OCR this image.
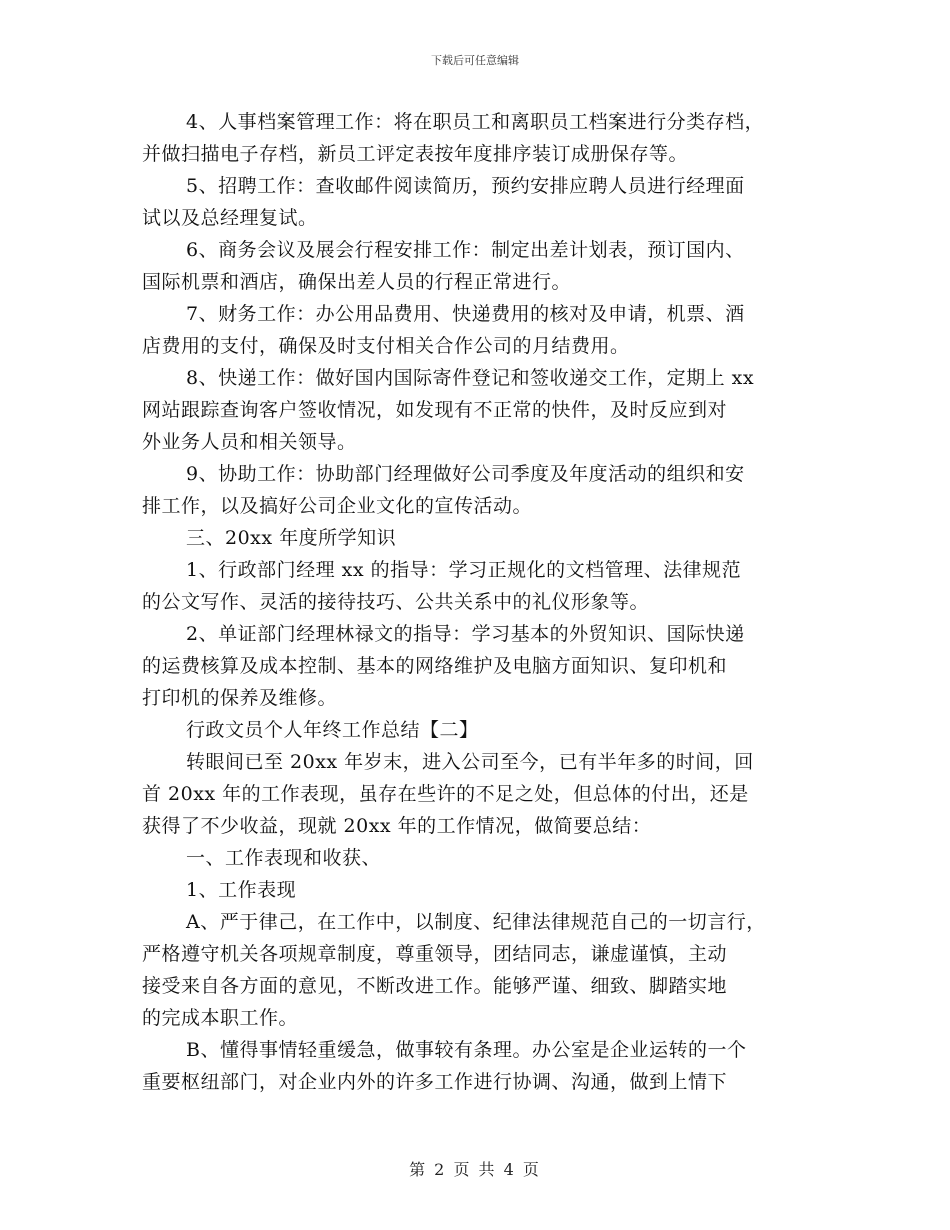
下载后可任意编辑
4、人事档案管理工作：将在职员工和离职员工档案进行分类存档，
并做扫描电子存档，新员工评定表按年度排序装订成册保存等。
5、招聘工作：查收邮件阅读简历，预约安排应聘人员进行经理面
试以及总经理复试。
6、商务会议及展会行程安排工作：制定出差计划表，预订国内、
国际机票和酒店，确保出差人员的行程正常进行。
7、财务工作：办公用品费用、快递费用的核对及申请，机票、酒
店费用的支付，确保及时支付相关合作公司的月结费用。
8、快递工作：做好国内国际寄件登记和签收递交工作，定期上 xx
网站跟踪查询客户签收情况，如发现有不正常的快件，及时反应到对
外业务人员和相关领导。
9、协助工作：协助部门经理做好公司季度及年度活动的组织和安
排工作，以及搞好公司企业文化的宣传活动。
三、20xx 年度所学知识
1、行政部门经理 xx 的指导：学习正规化的文档管理、法律规范
的公文写作、灵活的接待技巧、公共关系中的礼仪形象等。
2、单证部门经理林禄文的指导：学习基本的外贸知识、国际快递
的运费核算及成本控制、基本的网络维护及电脑方面知识、复印机和
打印机的保养及维修。
行政文员个人年终工作总结【二】
转眼间已至 20xx 年岁末，进入公司至今，已有半年多的时间，回
首 20xx 年的工作表现，虽存在些许的不足之处，但总体的付出，还是
获得了不少收益，现就 20xx 年的工作情况，做简要总结：
一、工作表现和收获、
1、工作表现
A、严于律己，在工作中，以制度、纪律法律规范自己的一切言行，
严格遵守机关各项规章制度，尊重领导，团结同志，谦虚谨慎，主动
接受来自各方面的意见，不断改进工作。能够严谨、细致、脚踏实地
的完成本职工作。
B、懂得事情轻重缓急，做事较有条理。办公室是企业运转的一个
重要枢纽部门，对企业内外的许多工作进行协调、沟通，做到上情下
第 2 页 共 4 页
